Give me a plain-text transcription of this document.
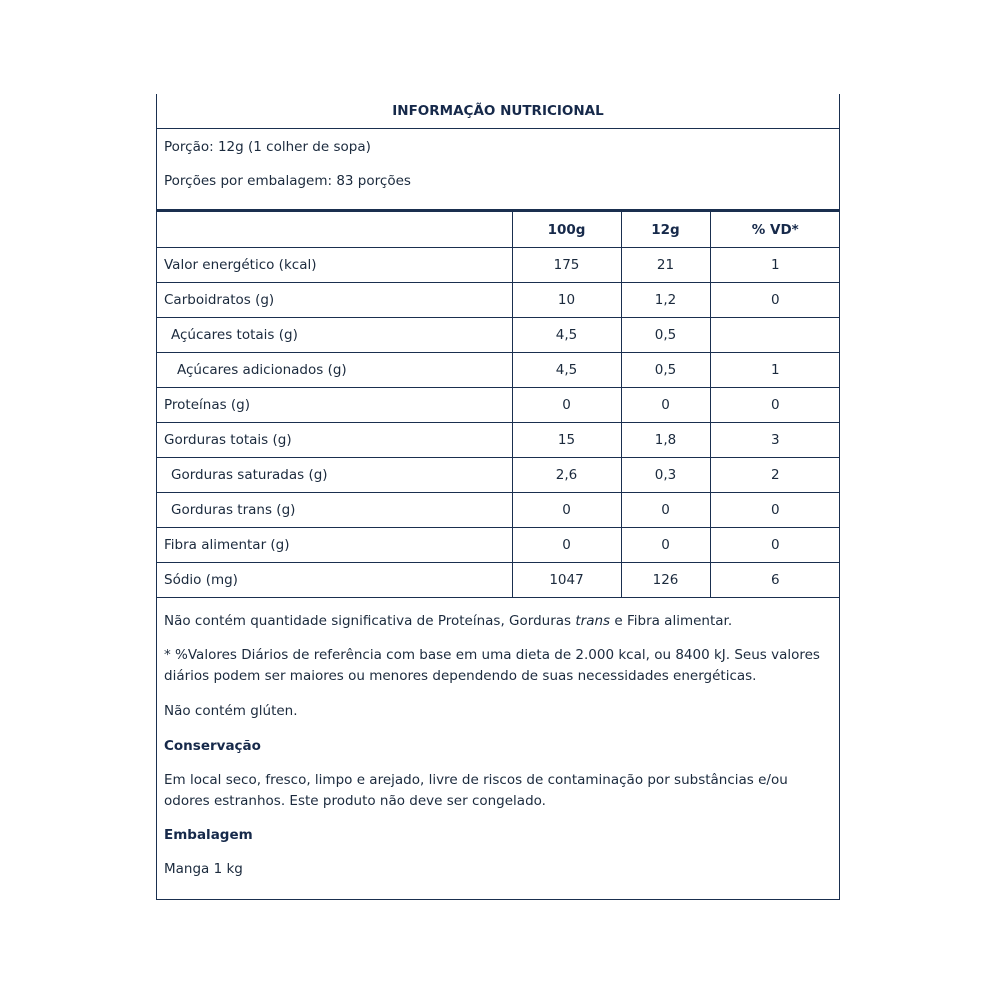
INFORMAÇÃO NUTRICIONAL
Porção: 12g (1 colher de sopa)
Porções por embalagem: 83 porções
	100g	12g	% VD*
Valor energético (kcal)	175	21	1
Carboidratos (g)	10	1,2	0
Açúcares totais (g)	4,5	0,5	
Açúcares adicionados (g)	4,5	0,5	1
Proteínas (g)	0	0	0
Gorduras totais (g)	15	1,8	3
Gorduras saturadas (g)	2,6	0,3	2
Gorduras trans (g)	0	0	0
Fibra alimentar (g)	0	0	0
Sódio (mg)	1047	126	6
Não contém quantidade significativa de Proteínas, Gorduras trans e Fibra alimentar.
* %Valores Diários de referência com base em uma dieta de 2.000 kcal, ou 8400 kJ. Seus valores diários podem ser maiores ou menores dependendo de suas necessidades energéticas.
Não contém glúten.
Conservação
Em local seco, fresco, limpo e arejado, livre de riscos de contaminação por substâncias e/ou odores estranhos. Este produto não deve ser congelado.
Embalagem
Manga 1 kg
